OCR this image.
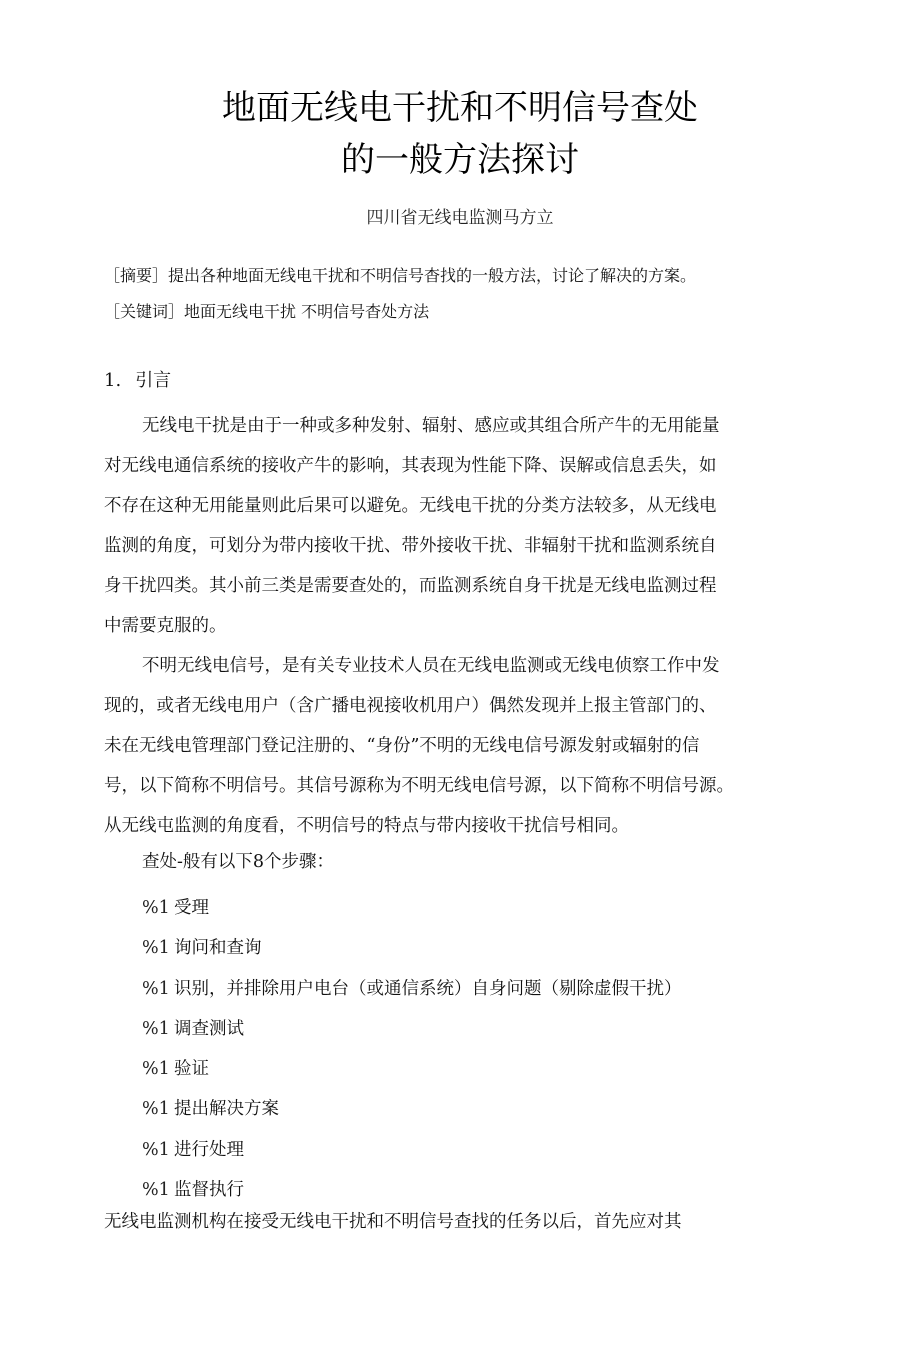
地面无线电干扰和不明信号查处
的一般方法探讨
四川省无线电监测马方立
［摘要］提出各种地面无线电干扰和不明信号杳找的一般方法，讨论了解决的方案。
［关键词］地面无线电干扰 不明信号杳处方法
1. 引言
无线电干扰是由于一种或多种发射、辐射、感应或其组合所产牛的无用能量
对无线电通信系统的接收产牛的影响，其表现为性能下降、误解或信息丢失，如
不存在这种无用能量则此后果可以避免。无线电干扰的分类方法较多，从无线电
监测的角度，可划分为带内接收干扰、带外接收干扰、非辐射干扰和监测系统自
身干扰四类。其小前三类是需要查处的，而监测系统自身干扰是无线电监测过程
中需要克服的。
不明无线电信号，是有关专业技术人员在无线电监测或无线电侦察工作中发
现的，或者无线电用户（含广播电视接收机用户）偶然发现并上报主管部门的、
未在无线电管理部门登记注册的、“身份”不明的无线电信号源发射或辐射的信
号，以下简称不明信号。其信号源称为不明无线电信号源，以下简称不明信号源。
从无线屯监测的角度看，不明信号的特点与带内接收干扰信号相同。
查处-般有以下8个步骤：
%1 受理
%1 询问和查询
%1 识别，并排除用户电台（或通信系统）自身问题（剔除虚假干扰）
%1 调查测试
%1 验证
%1 提出解决方案
%1 进行处理
%1 监督执行
无线电监测机构在接受无线电干扰和不明信号查找的任务以后，首先应对其
